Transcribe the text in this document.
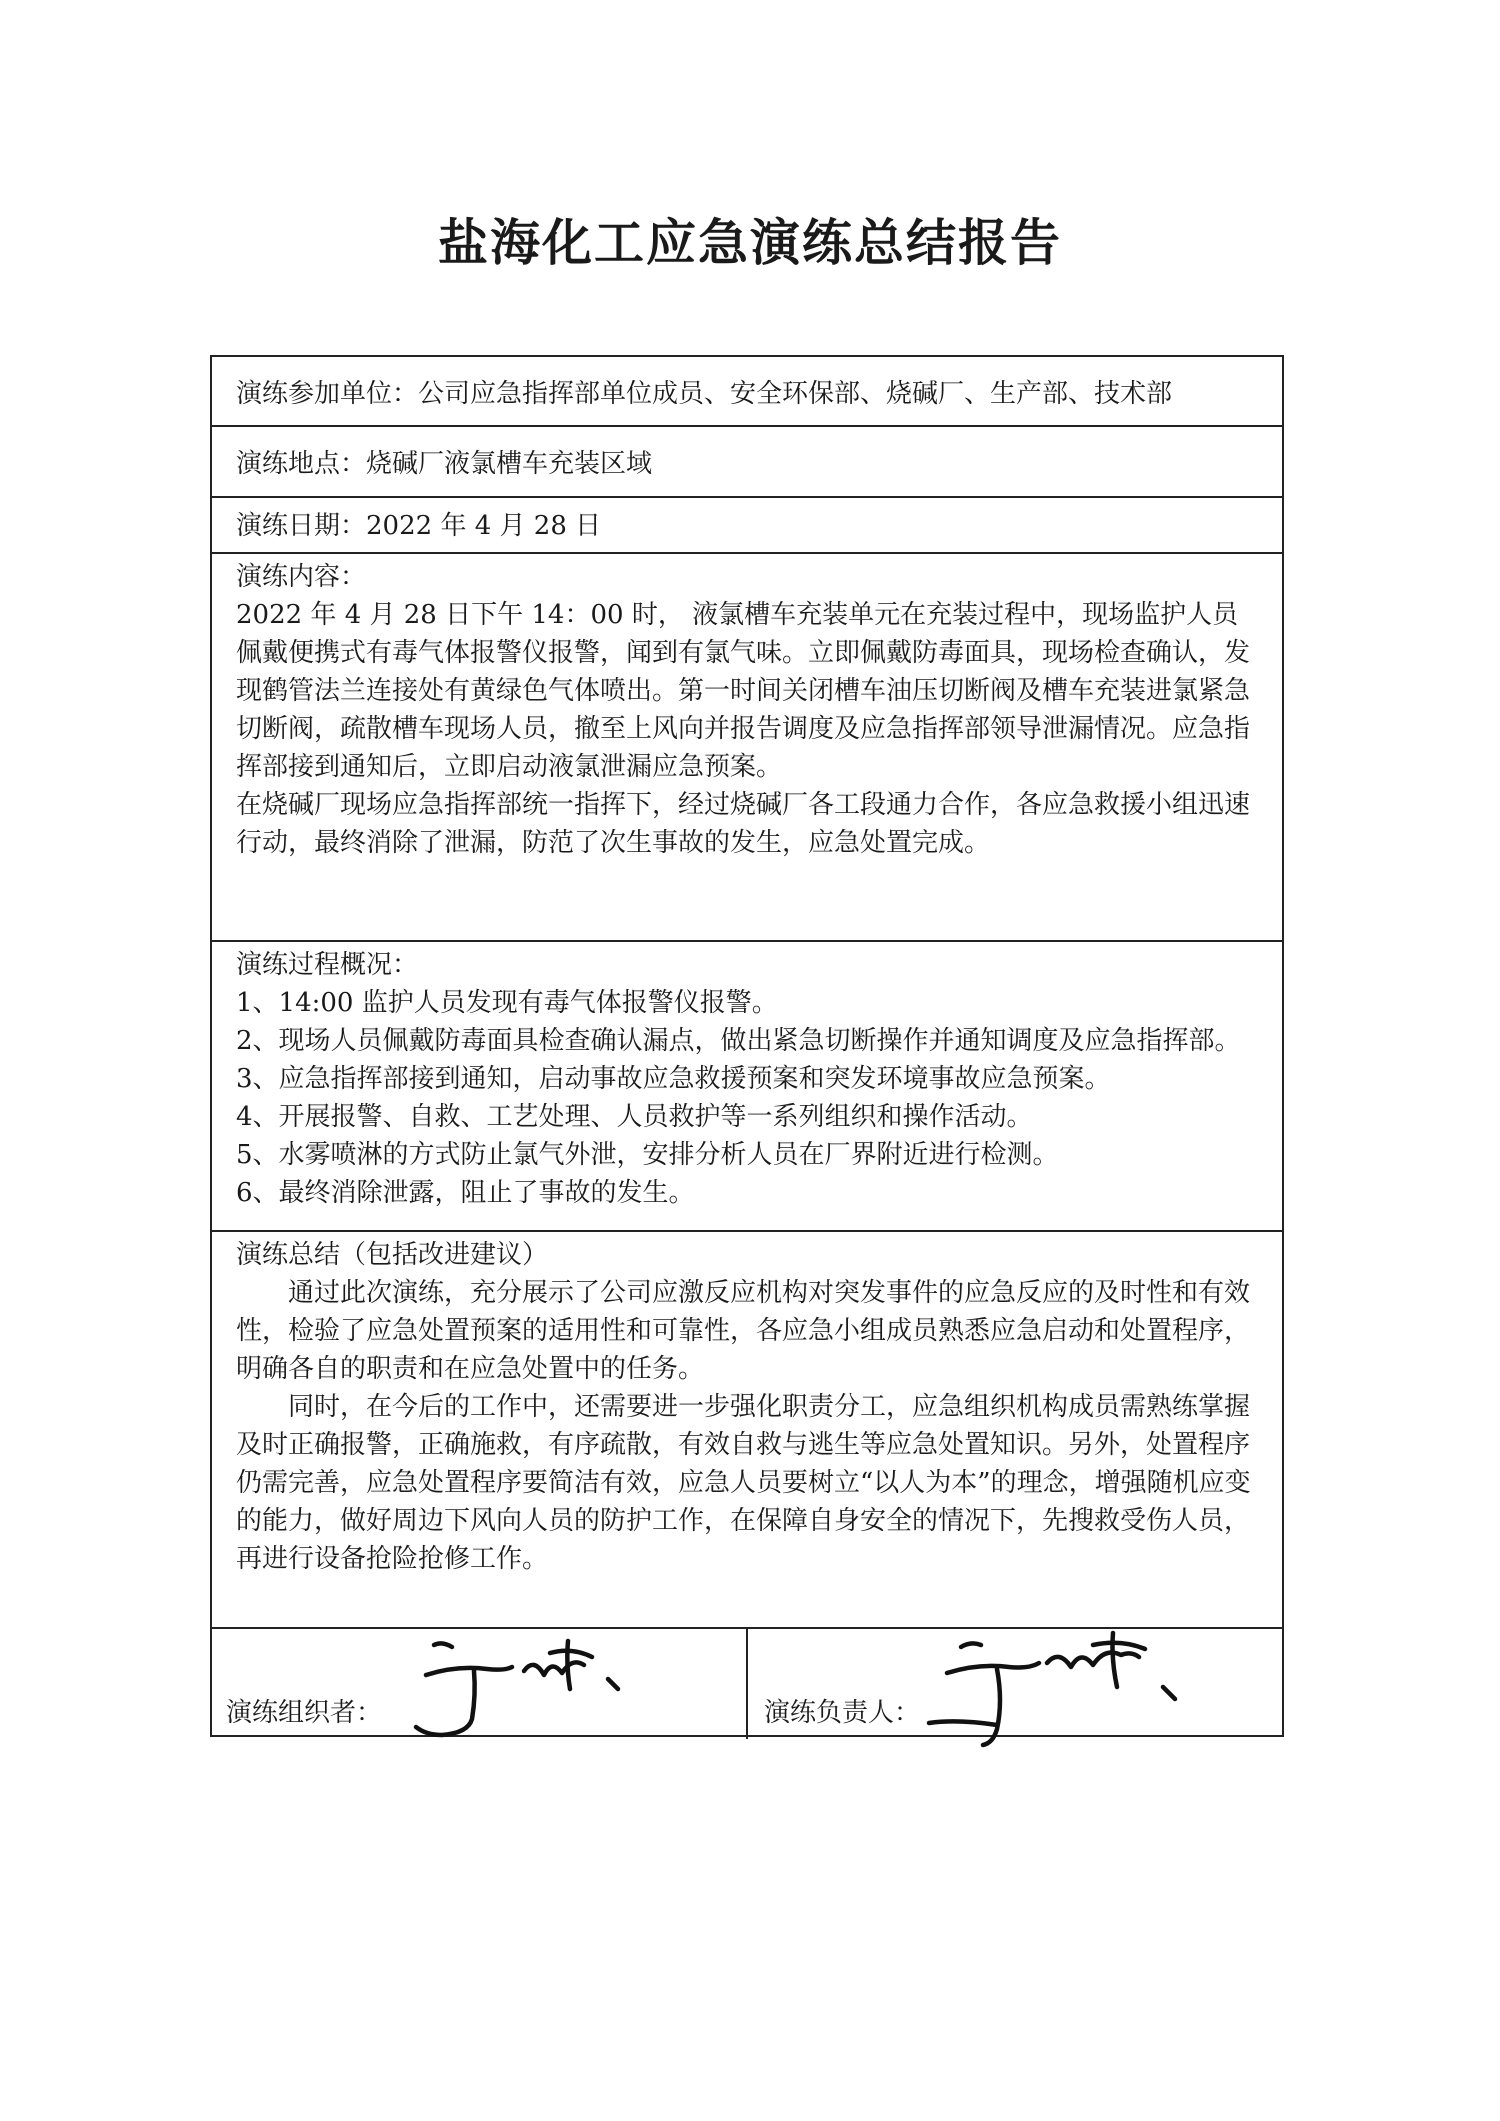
盐海化工应急演练总结报告
演练参加单位：公司应急指挥部单位成员、安全环保部、烧碱厂、生产部、技术部
演练地点：烧碱厂液氯槽车充装区域
演练日期：2022 年 4 月 28 日
演练内容：
2022 年 4 月 28 日下午 14：00 时， 液氯槽车充装单元在充装过程中，现场监护人员佩戴便携式有毒气体报警仪报警，闻到有氯气味。立即佩戴防毒面具，现场检查确认，发现鹤管法兰连接处有黄绿色气体喷出。第一时间关闭槽车油压切断阀及槽车充装进氯紧急切断阀，疏散槽车现场人员，撤至上风向并报告调度及应急指挥部领导泄漏情况。应急指挥部接到通知后，立即启动液氯泄漏应急预案。
在烧碱厂现场应急指挥部统一指挥下，经过烧碱厂各工段通力合作，各应急救援小组迅速行动，最终消除了泄漏，防范了次生事故的发生，应急处置完成。
演练过程概况：
1、14:00 监护人员发现有毒气体报警仪报警。
2、现场人员佩戴防毒面具检查确认漏点，做出紧急切断操作并通知调度及应急指挥部。
3、应急指挥部接到通知，启动事故应急救援预案和突发环境事故应急预案。
4、开展报警、自救、工艺处理、人员救护等一系列组织和操作活动。
5、水雾喷淋的方式防止氯气外泄，安排分析人员在厂界附近进行检测。
6、最终消除泄露，阻止了事故的发生。
演练总结（包括改进建议）
通过此次演练，充分展示了公司应激反应机构对突发事件的应急反应的及时性和有效性，检验了应急处置预案的适用性和可靠性，各应急小组成员熟悉应急启动和处置程序，明确各自的职责和在应急处置中的任务。
同时，在今后的工作中，还需要进一步强化职责分工，应急组织机构成员需熟练掌握及时正确报警，正确施救，有序疏散，有效自救与逃生等应急处置知识。另外，处置程序仍需完善，应急处置程序要简洁有效，应急人员要树立“以人为本”的理念，增强随机应变的能力，做好周边下风向人员的防护工作，在保障自身安全的情况下，先搜救受伤人员，再进行设备抢险抢修工作。
演练组织者：	演练负责人：
